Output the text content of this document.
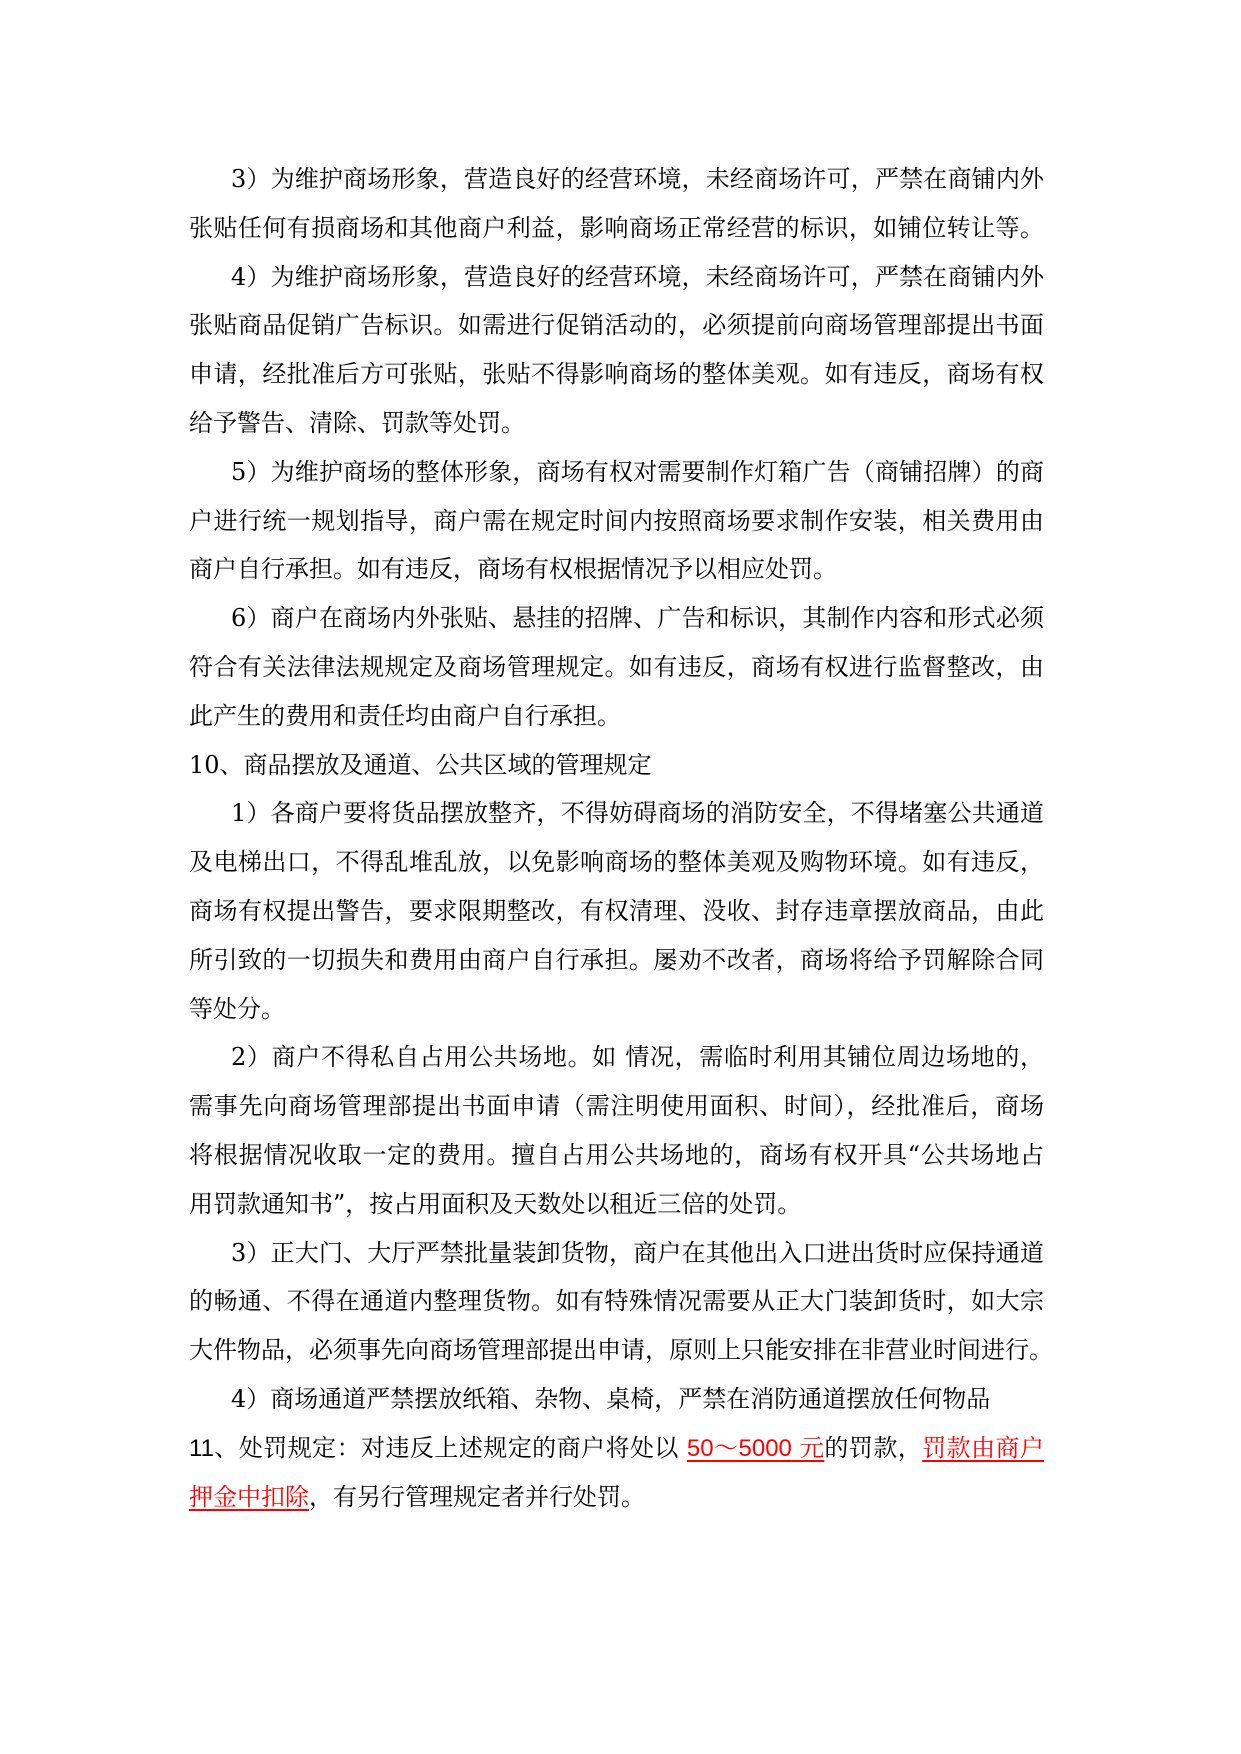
3）为维护商场形象，营造良好的经营环境，未经商场许可，严禁在商铺内外
张贴任何有损商场和其他商户利益，影响商场正常经营的标识，如铺位转让等。
4）为维护商场形象，营造良好的经营环境，未经商场许可，严禁在商铺内外
张贴商品促销广告标识。如需进行促销活动的，必须提前向商场管理部提出书面
申请，经批准后方可张贴，张贴不得影响商场的整体美观。如有违反，商场有权
给予警告、清除、罚款等处罚。
5）为维护商场的整体形象，商场有权对需要制作灯箱广告（商铺招牌）的商
户进行统一规划指导，商户需在规定时间内按照商场要求制作安装，相关费用由
商户自行承担。如有违反，商场有权根据情况予以相应处罚。
6）商户在商场内外张贴、悬挂的招牌、广告和标识，其制作内容和形式必须
符合有关法律法规规定及商场管理规定。如有违反，商场有权进行监督整改，由
此产生的费用和责任均由商户自行承担。
10、商品摆放及通道、公共区域的管理规定
1）各商户要将货品摆放整齐，不得妨碍商场的消防安全，不得堵塞公共通道
及电梯出口，不得乱堆乱放，以免影响商场的整体美观及购物环境。如有违反，
商场有权提出警告，要求限期整改，有权清理、没收、封存违章摆放商品，由此
所引致的一切损失和费用由商户自行承担。屡劝不改者，商场将给予罚解除合同
等处分。
2）商户不得私自占用公共场地。如 情况，需临时利用其铺位周边场地的，
需事先向商场管理部提出书面申请（需注明使用面积、时间），经批准后，商场
将根据情况收取一定的费用。擅自占用公共场地的，商场有权开具“公共场地占
用罚款通知书”，按占用面积及天数处以租近三倍的处罚。
3）正大门、大厅严禁批量装卸货物，商户在其他出入口进出货时应保持通道
的畅通、不得在通道内整理货物。如有特殊情况需要从正大门装卸货时，如大宗
大件物品，必须事先向商场管理部提出申请，原则上只能安排在非营业时间进行。
4）商场通道严禁摆放纸箱、杂物、桌椅，严禁在消防通道摆放任何物品
11、处罚规定：对违反上述规定的商户将处以 50～5000 元的罚款，罚款由商户
押金中扣除，有另行管理规定者并行处罚。
